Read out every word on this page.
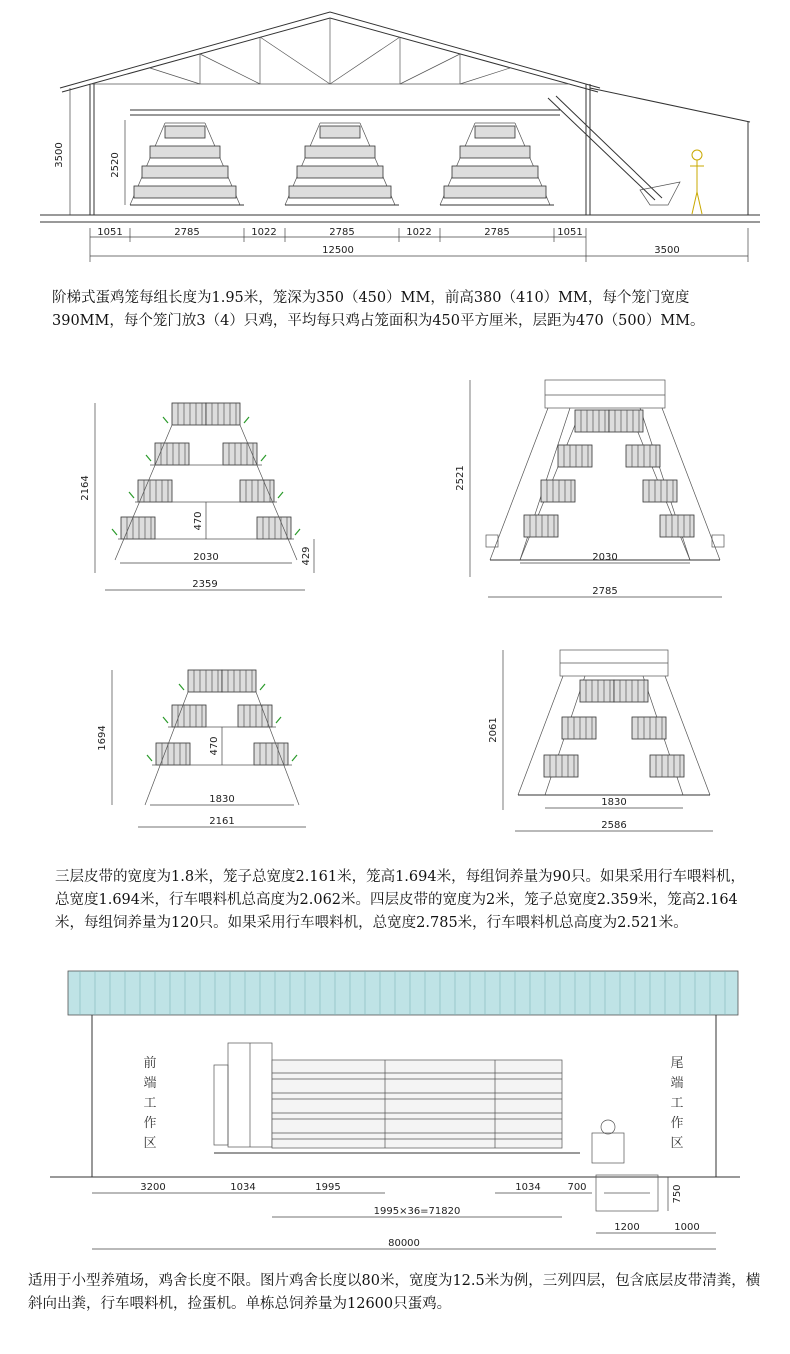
3500	2520
1051	2785	1022	2785	1022	2785	1051
12500	3500
阶梯式蛋鸡笼每组长度为1.95米，笼深为350（450）MM，前高380（410）MM，每个笼门宽度390MM，每个笼门放3（4）只鸡，平均每只鸡占笼面积为450平方厘米，层距为470（500）MM。
2164
470
429
2030
2359
2521
2030
2785
1694	470
1830
2161
2061
1830
2586
三层皮带的宽度为1.8米，笼子总宽度2.161米，笼高1.694米，每组饲养量为90只。如果采用行车喂料机，总宽度1.694米，行车喂料机总高度为2.062米。四层皮带的宽度为2米，笼子总宽度2.359米，笼高2.164米，每组饲养量为120只。如果采用行车喂料机，总宽度2.785米，行车喂料机总高度为2.521米。
前
端
工
作
区
尾
端
工
作
区
3200	1034	1995	1034	700	750
1995×36=71820
1200	1000
80000
适用于小型养殖场，鸡舍长度不限。图片鸡舍长度以80米，宽度为12.5米为例，三列四层，包含底层皮带清粪，横斜向出粪，行车喂料机，捡蛋机。单栋总饲养量为12600只蛋鸡。
